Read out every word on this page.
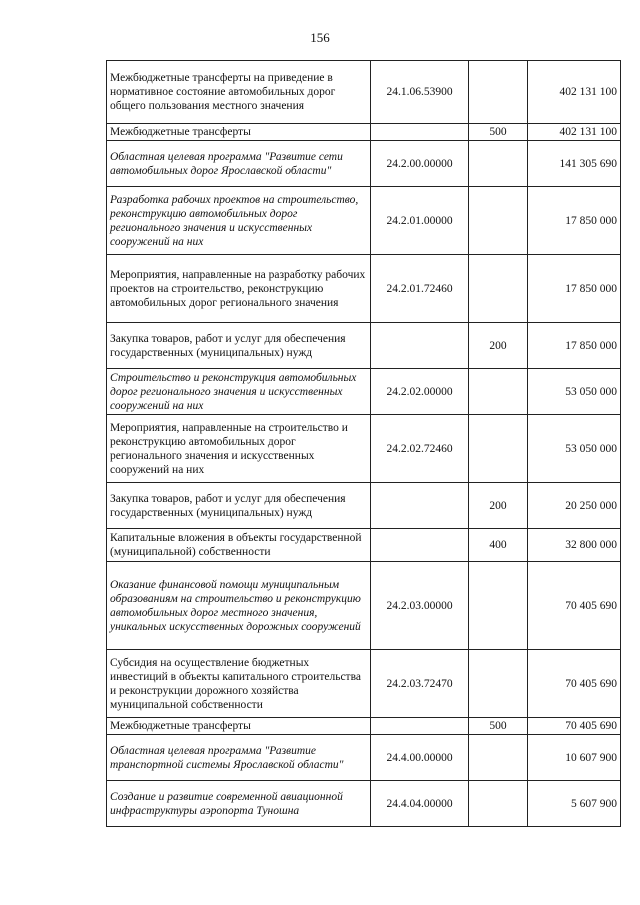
156
Межбюджетные трансферты на приведение в нормативное состояние автомобильных дорог общего пользования местного значения	24.1.06.53900		402 131 100
Межбюджетные трансферты		500	402 131 100
Областная целевая программа "Развитие сети автомобильных дорог Ярославской области"	24.2.00.00000		141 305 690
Разработка рабочих проектов на строительство, реконструкцию автомобильных дорог регионального значения и искусственных сооружений на них	24.2.01.00000		17 850 000
Мероприятия, направленные на разработку рабочих проектов на строительство, реконструкцию автомобильных дорог регионального значения	24.2.01.72460		17 850 000
Закупка товаров, работ и услуг для обеспечения государственных (муниципальных) нужд		200	17 850 000
Строительство и реконструкция автомобильных дорог регионального значения и искусственных сооружений на них	24.2.02.00000		53 050 000
Мероприятия, направленные на строительство и реконструкцию автомобильных дорог регионального значения и искусственных сооружений на них	24.2.02.72460		53 050 000
Закупка товаров, работ и услуг для обеспечения государственных (муниципальных) нужд		200	20 250 000
Капитальные вложения в объекты государственной (муниципальной) собственности		400	32 800 000
Оказание финансовой помощи муниципальным образованиям на строительство и реконструкцию автомобильных дорог местного значения, уникальных искусственных дорожных сооружений	24.2.03.00000		70 405 690
Субсидия на осуществление бюджетных инвестиций в объекты капитального строительства и реконструкции дорожного хозяйства муниципальной собственности	24.2.03.72470		70 405 690
Межбюджетные трансферты		500	70 405 690
Областная целевая программа "Развитие транспортной системы Ярославской области"	24.4.00.00000		10 607 900
Создание и развитие современной авиационной инфраструктуры аэропорта Туношна	24.4.04.00000		5 607 900
